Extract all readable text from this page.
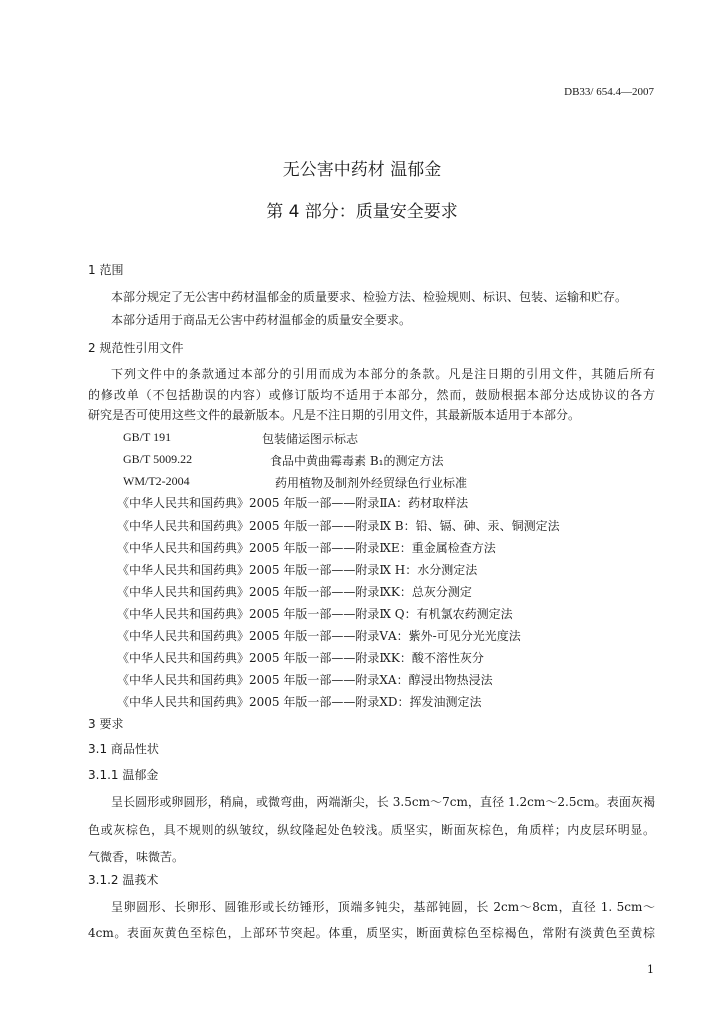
DB33/ 654.4—2007
无公害中药材 温郁金
第 4 部分：质量安全要求
1 范围
本部分规定了无公害中药材温郁金的质量要求、检验方法、检验规则、标识、包装、运输和贮存。
本部分适用于商品无公害中药材温郁金的质量安全要求。
2 规范性引用文件
下列文件中的条款通过本部分的引用而成为本部分的条款。凡是注日期的引用文件，其随后所有
的修改单（不包括勘误的内容）或修订版均不适用于本部分，然而，鼓励根据本部分达成协议的各方
研究是否可使用这些文件的最新版本。凡是不注日期的引用文件，其最新版本适用于本部分。
GB/T 191	包装储运图示标志
GB/T 5009.22	食品中黄曲霉毒素 B₁的测定方法
WM/T2-2004	药用植物及制剂外经贸绿色行业标准
《中华人民共和国药典》2005 年版一部——附录ⅡA：药材取样法
《中华人民共和国药典》2005 年版一部——附录Ⅸ B：铅、镉、砷、汞、铜测定法
《中华人民共和国药典》2005 年版一部——附录ⅨE：重金属检查方法
《中华人民共和国药典》2005 年版一部——附录Ⅸ H：水分测定法
《中华人民共和国药典》2005 年版一部——附录ⅨK：总灰分测定
《中华人民共和国药典》2005 年版一部——附录Ⅸ Q：有机氯农药测定法
《中华人民共和国药典》2005 年版一部——附录ⅤA：紫外-可见分光光度法
《中华人民共和国药典》2005 年版一部——附录ⅨK：酸不溶性灰分
《中华人民共和国药典》2005 年版一部——附录ⅩA：醇浸出物热浸法
《中华人民共和国药典》2005 年版一部——附录ⅩD：挥发油测定法
3 要求
3.1 商品性状
3.1.1 温郁金
呈长圆形或卵圆形，稍扁，或微弯曲，两端渐尖，长 3.5cm～7cm，直径 1.2cm～2.5cm。表面灰褐
色或灰棕色，具不规则的纵皱纹，纵纹隆起处色较浅。质坚实，断面灰棕色，角质样；内皮层环明显。
气微香，味微苦。
3.1.2 温莪术
呈卵圆形、长卵形、圆锥形或长纺锤形，顶端多钝尖，基部钝圆，长 2cm～8cm，直径 1. 5cm～
4cm。表面灰黄色至棕色，上部环节突起。体重，质坚实，断面黄棕色至棕褐色，常附有淡黄色至黄棕
1
